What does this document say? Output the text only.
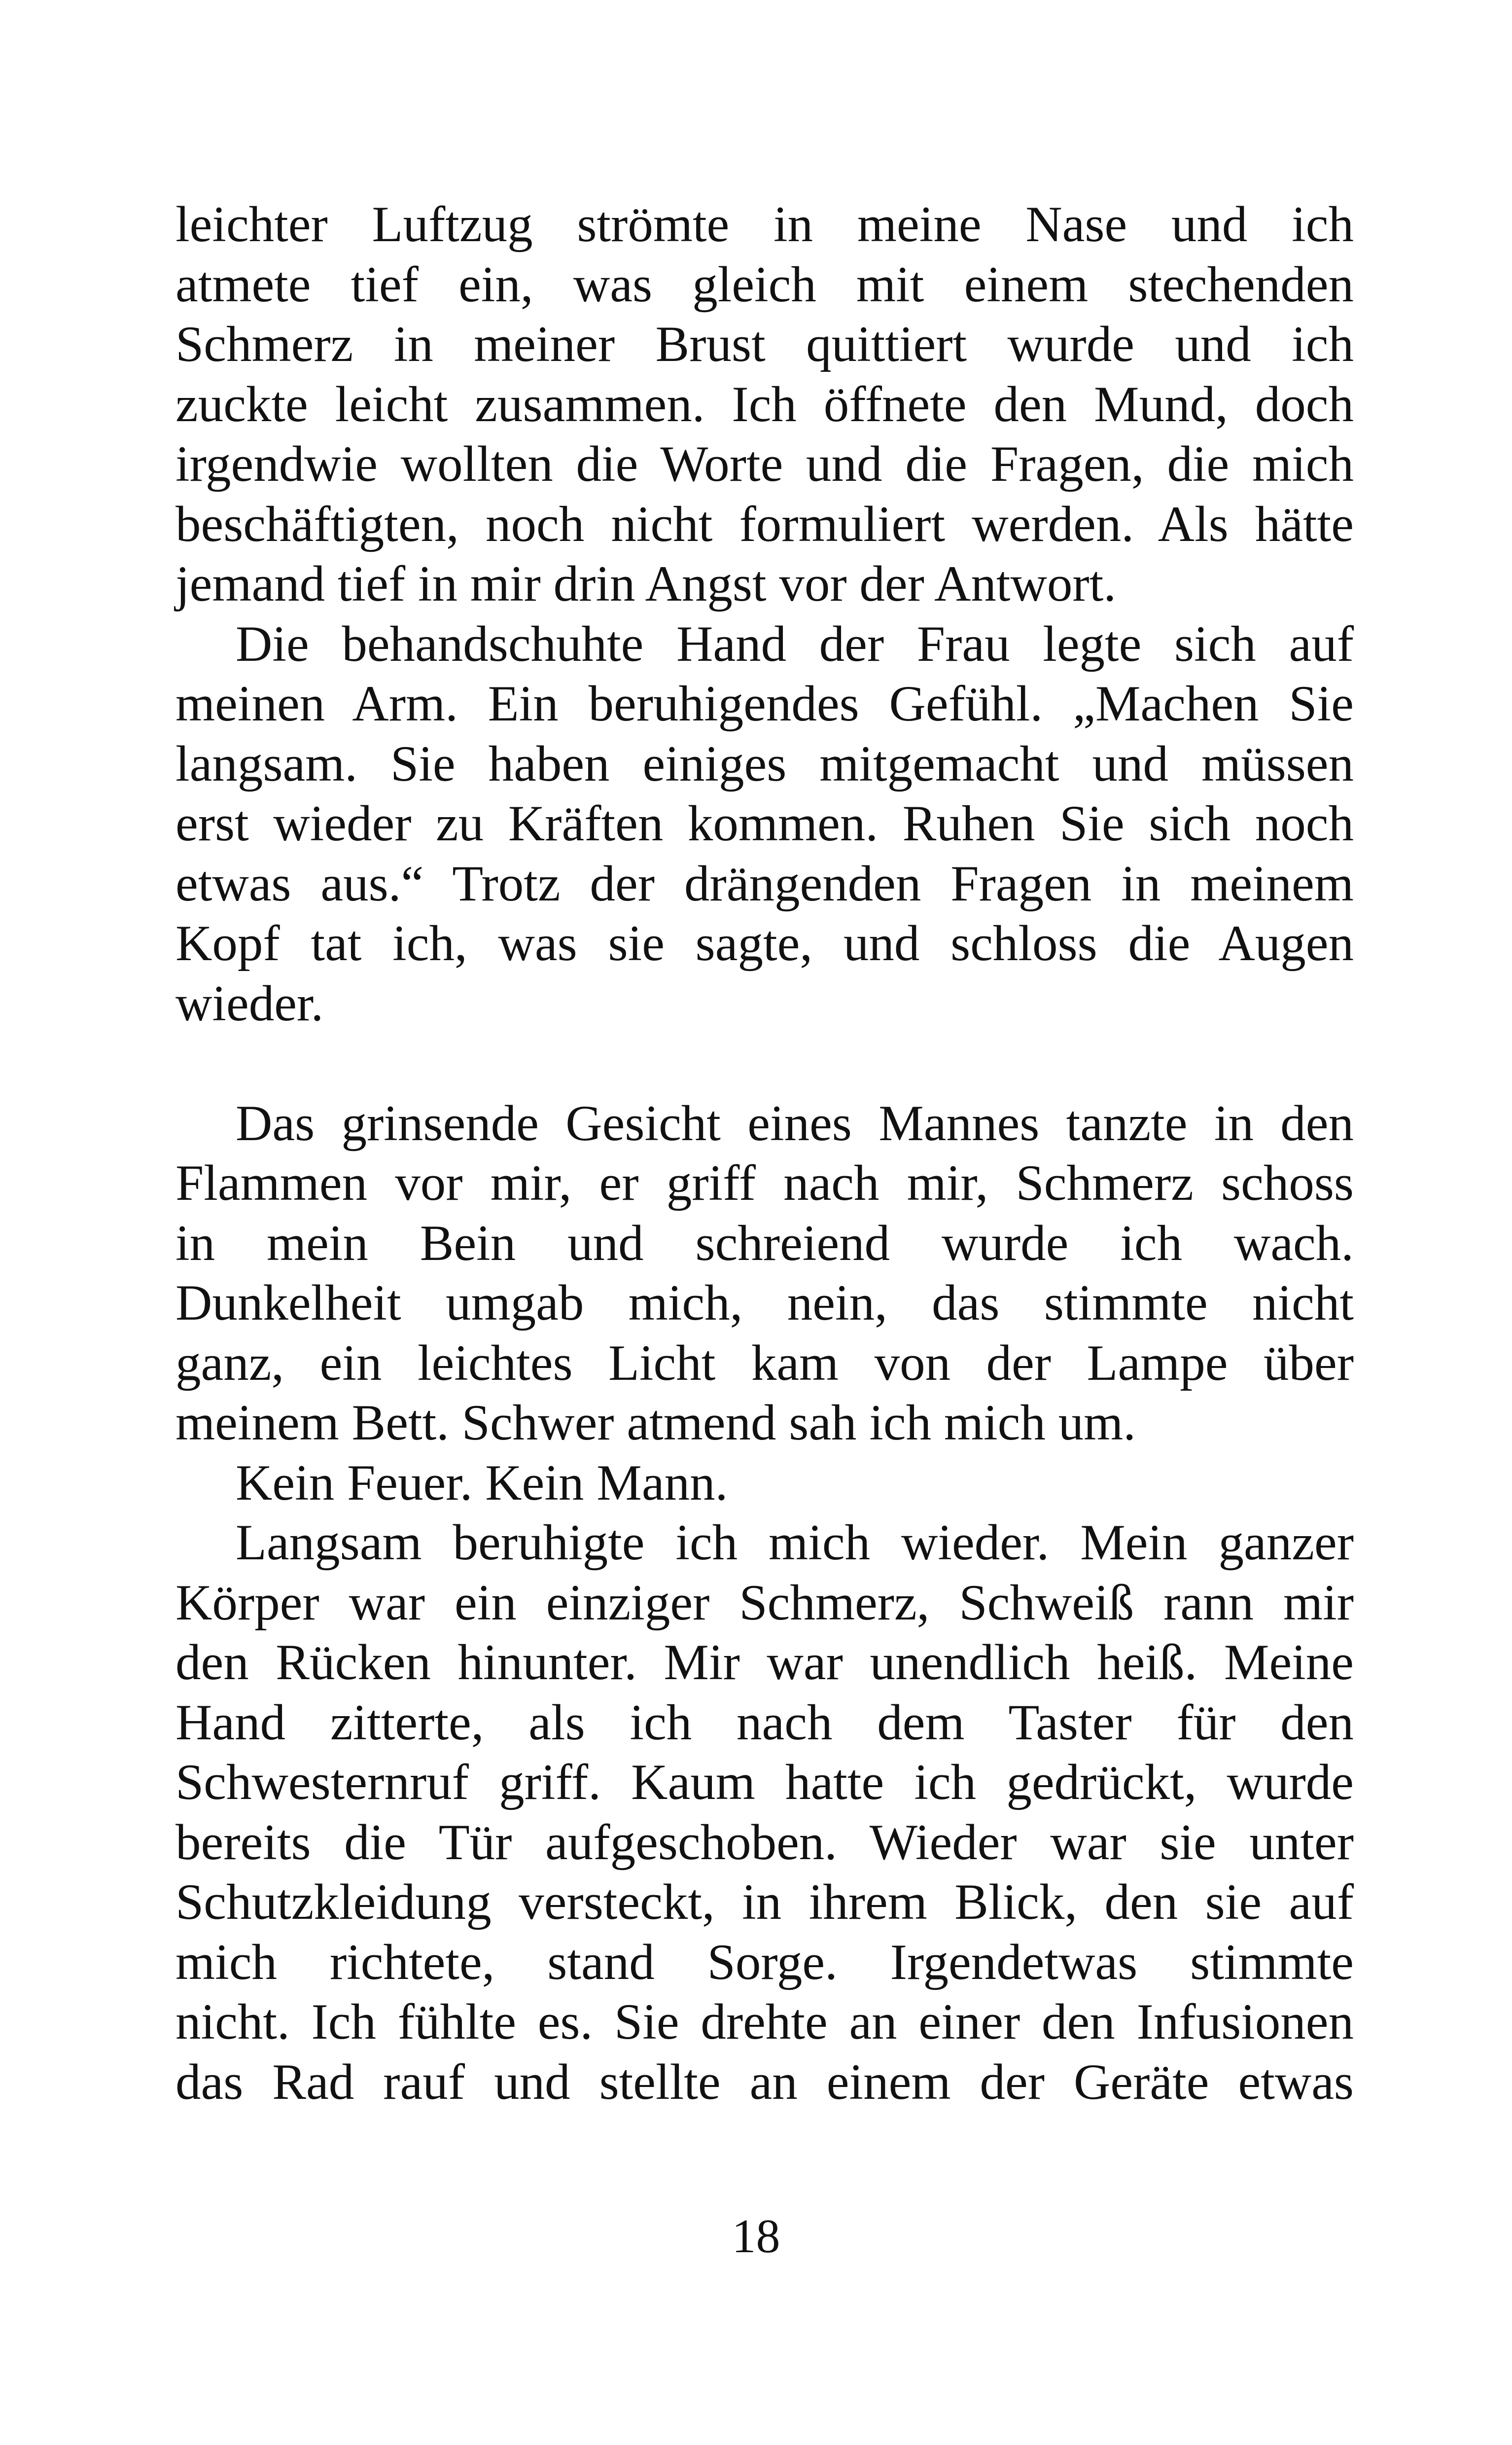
leichter Luftzug strömte in meine Nase und ich
atmete tief ein, was gleich mit einem stechenden
Schmerz in meiner Brust quittiert wurde und ich
zuckte leicht zusammen. Ich öffnete den Mund, doch
irgendwie wollten die Worte und die Fragen, die mich
beschäftigten, noch nicht formuliert werden. Als hätte
jemand tief in mir drin Angst vor der Antwort.
Die behandschuhte Hand der Frau legte sich auf
meinen Arm. Ein beruhigendes Gefühl. „Machen Sie
langsam. Sie haben einiges mitgemacht und müssen
erst wieder zu Kräften kommen. Ruhen Sie sich noch
etwas aus.“ Trotz der drängenden Fragen in meinem
Kopf tat ich, was sie sagte, und schloss die Augen
wieder.
Das grinsende Gesicht eines Mannes tanzte in den
Flammen vor mir, er griff nach mir, Schmerz schoss
in mein Bein und schreiend wurde ich wach.
Dunkelheit umgab mich, nein, das stimmte nicht
ganz, ein leichtes Licht kam von der Lampe über
meinem Bett. Schwer atmend sah ich mich um.
Kein Feuer. Kein Mann.
Langsam beruhigte ich mich wieder. Mein ganzer
Körper war ein einziger Schmerz, Schweiß rann mir
den Rücken hinunter. Mir war unendlich heiß. Meine
Hand zitterte, als ich nach dem Taster für den
Schwesternruf griff. Kaum hatte ich gedrückt, wurde
bereits die Tür aufgeschoben. Wieder war sie unter
Schutzkleidung versteckt, in ihrem Blick, den sie auf
mich richtete, stand Sorge. Irgendetwas stimmte
nicht. Ich fühlte es. Sie drehte an einer den Infusionen
das Rad rauf und stellte an einem der Geräte etwas
18
